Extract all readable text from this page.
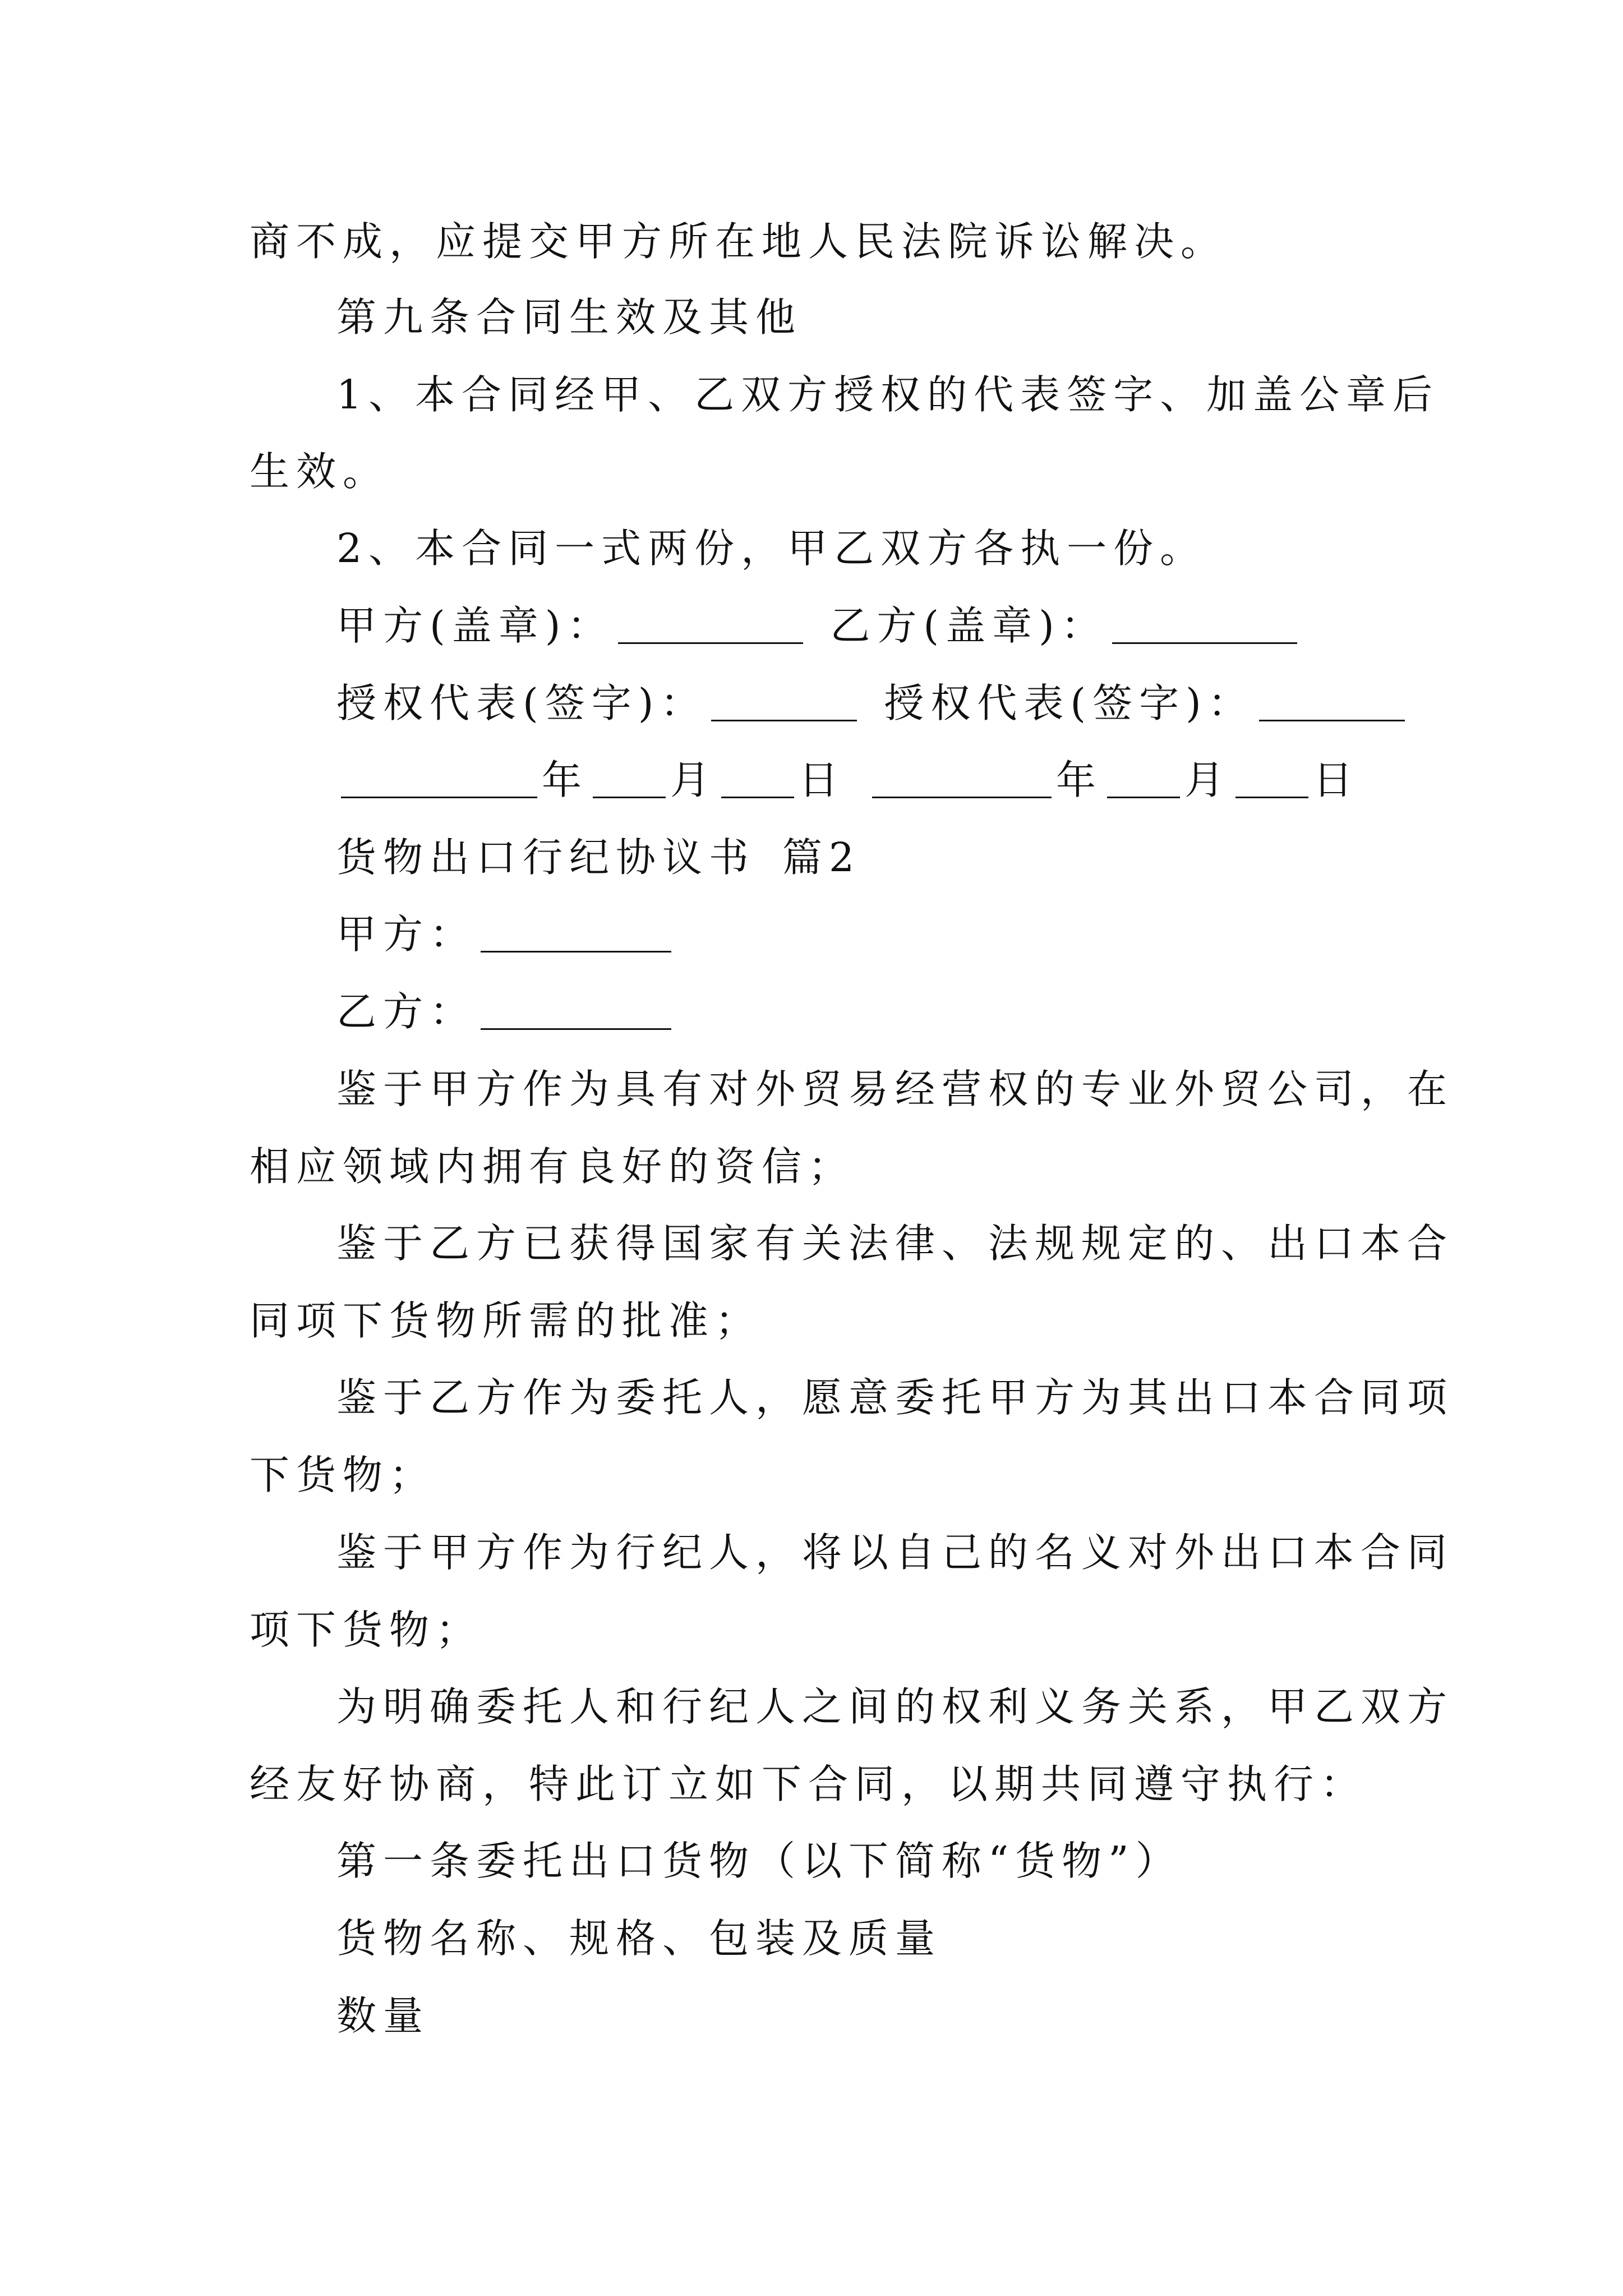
商不成，应提交甲方所在地人民法院诉讼解决。
第九条合同生效及其他
1、本合同经甲、乙双方授权的代表签字、加盖公章后
生效。
2、本合同一式两份，甲乙双方各执一份。
甲方(盖章)：	乙方(盖章)：
授权代表(签字)：	授权代表(签字)：
年 月 日	年 月 日
货物出口行纪协议书 篇2
甲方：
乙方：
鉴于甲方作为具有对外贸易经营权的专业外贸公司，在
相应领域内拥有良好的资信；
鉴于乙方已获得国家有关法律、法规规定的、出口本合
同项下货物所需的批准；
鉴于乙方作为委托人，愿意委托甲方为其出口本合同项
下货物；
鉴于甲方作为行纪人，将以自己的名义对外出口本合同
项下货物；
为明确委托人和行纪人之间的权利义务关系，甲乙双方
经友好协商，特此订立如下合同，以期共同遵守执行：
第一条委托出口货物（以下简称“货物”）
货物名称、规格、包装及质量
数量
